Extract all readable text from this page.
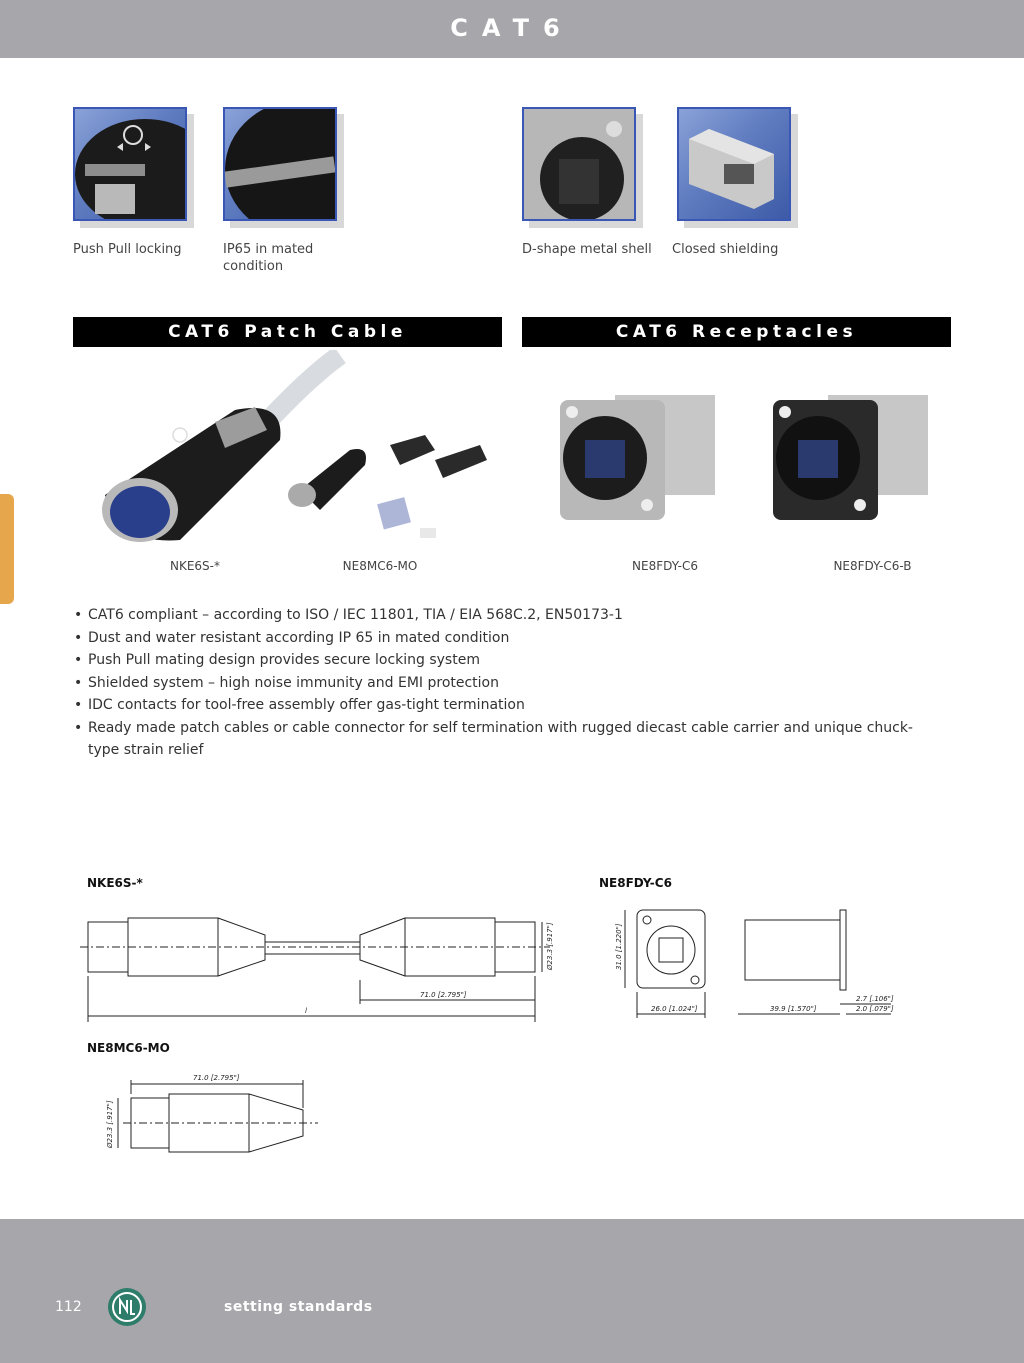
CAT6
Push Pull locking	IP65 in mated condition
D-shape metal shell	Closed shielding
CAT6 Patch Cable	CAT6 Receptacles
NKE6S-*	NE8MC6-MO	NE8FDY-C6	NE8FDY-C6-B
• CAT6 compliant – according to ISO / IEC 11801, TIA / EIA 568C.2, EN50173-1
• Dust and water resistant according IP 65 in mated condition
• Push Pull mating design provides secure locking system
• Shielded system – high noise immunity and EMI protection
• IDC contacts for tool-free assembly offer gas-tight termination
• Ready made patch cables or cable connector for self termination with rugged diecast cable carrier and unique chuck-type strain relief
NKE6S-*
71.0 [2.795"]
l
Ø23.3 [.917"]
NE8FDY-C6
31.0 [1.220"]
26.0 [1.024"]	39.9 [1.570"]
2.7 [.106"]
2.0 [.079"]
NE8MC6-MO
71.0 [2.795"]
Ø23.3 [.917"]
112	setting standards
